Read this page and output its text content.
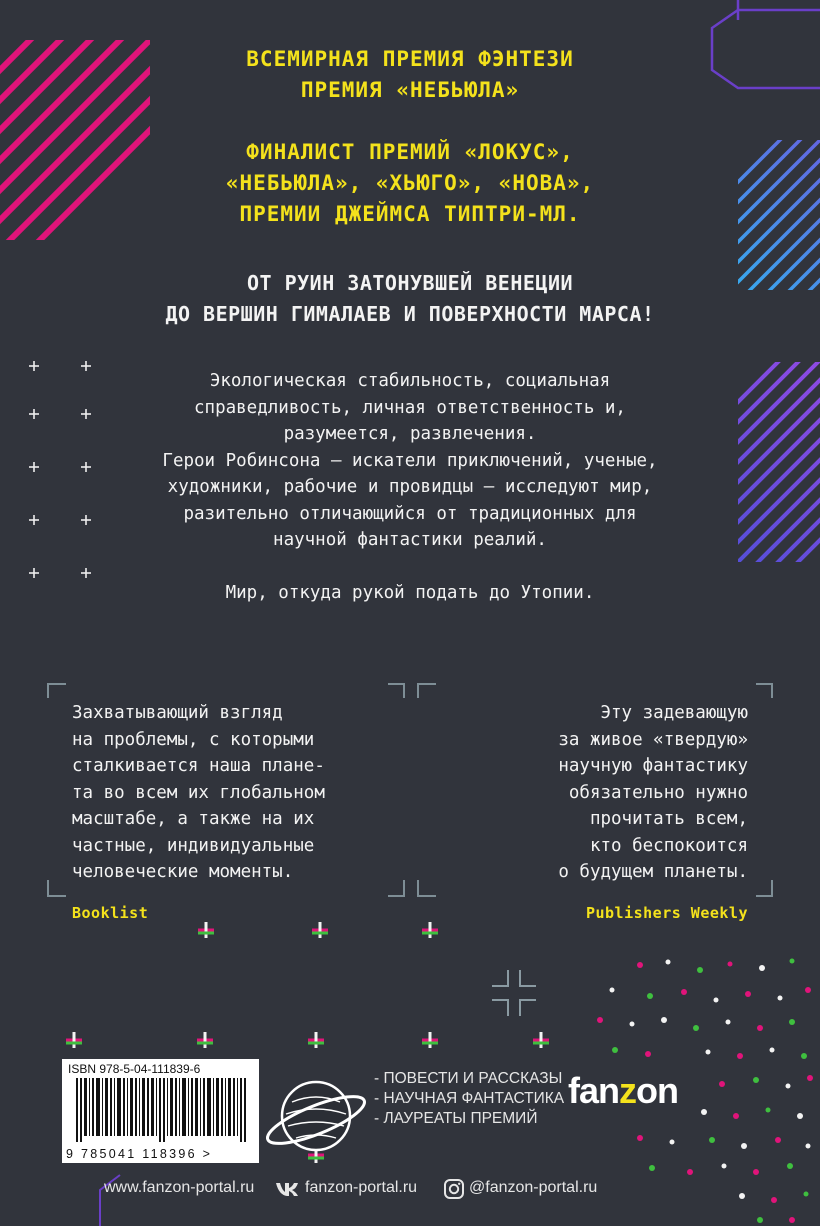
ВСЕМИРНАЯ ПРЕМИЯ ФЭНТЕЗИ
ПРЕМИЯ «НЕБЬЮЛА»
ФИНАЛИСТ ПРЕМИЙ «ЛОКУС»,
«НЕБЬЮЛА», «ХЬЮГО», «НОВА»,
ПРЕМИИ ДЖЕЙМСА ТИПТРИ-МЛ.
ОТ РУИН ЗАТОНУВШЕЙ ВЕНЕЦИИ
ДО ВЕРШИН ГИМАЛАЕВ И ПОВЕРХНОСТИ МАРСА!
Экологическая стабильность, социальная
справедливость, личная ответственность и,
разумеется, развлечения.
Герои Робинсона — искатели приключений, ученые,
художники, рабочие и провидцы — исследуют мир,
разительно отличающийся от традиционных для
научной фантастики реалий.
Мир, откуда рукой подать до Утопии.
Захватывающий взгляд
на проблемы, с которыми
сталкивается наша плане-
та во всем их глобальном
масштабе, а также на их
частные, индивидуальные
человеческие моменты.
Booklist
Эту задевающую
за живое «твердую»
научную фантастику
обязательно нужно
прочитать всем,
кто беспокоится
о будущем планеты.
Publishers Weekly
ISBN 978-5-04-111839-6
9 785041 118396 >
- ПОВЕСТИ И РАССКАЗЫ
- НАУЧНАЯ ФАНТАСТИКА
- ЛАУРЕАТЫ ПРЕМИЙ
fanzon
www.fanzon-portal.ru	fanzon-portal.ru	@fanzon-portal.ru
